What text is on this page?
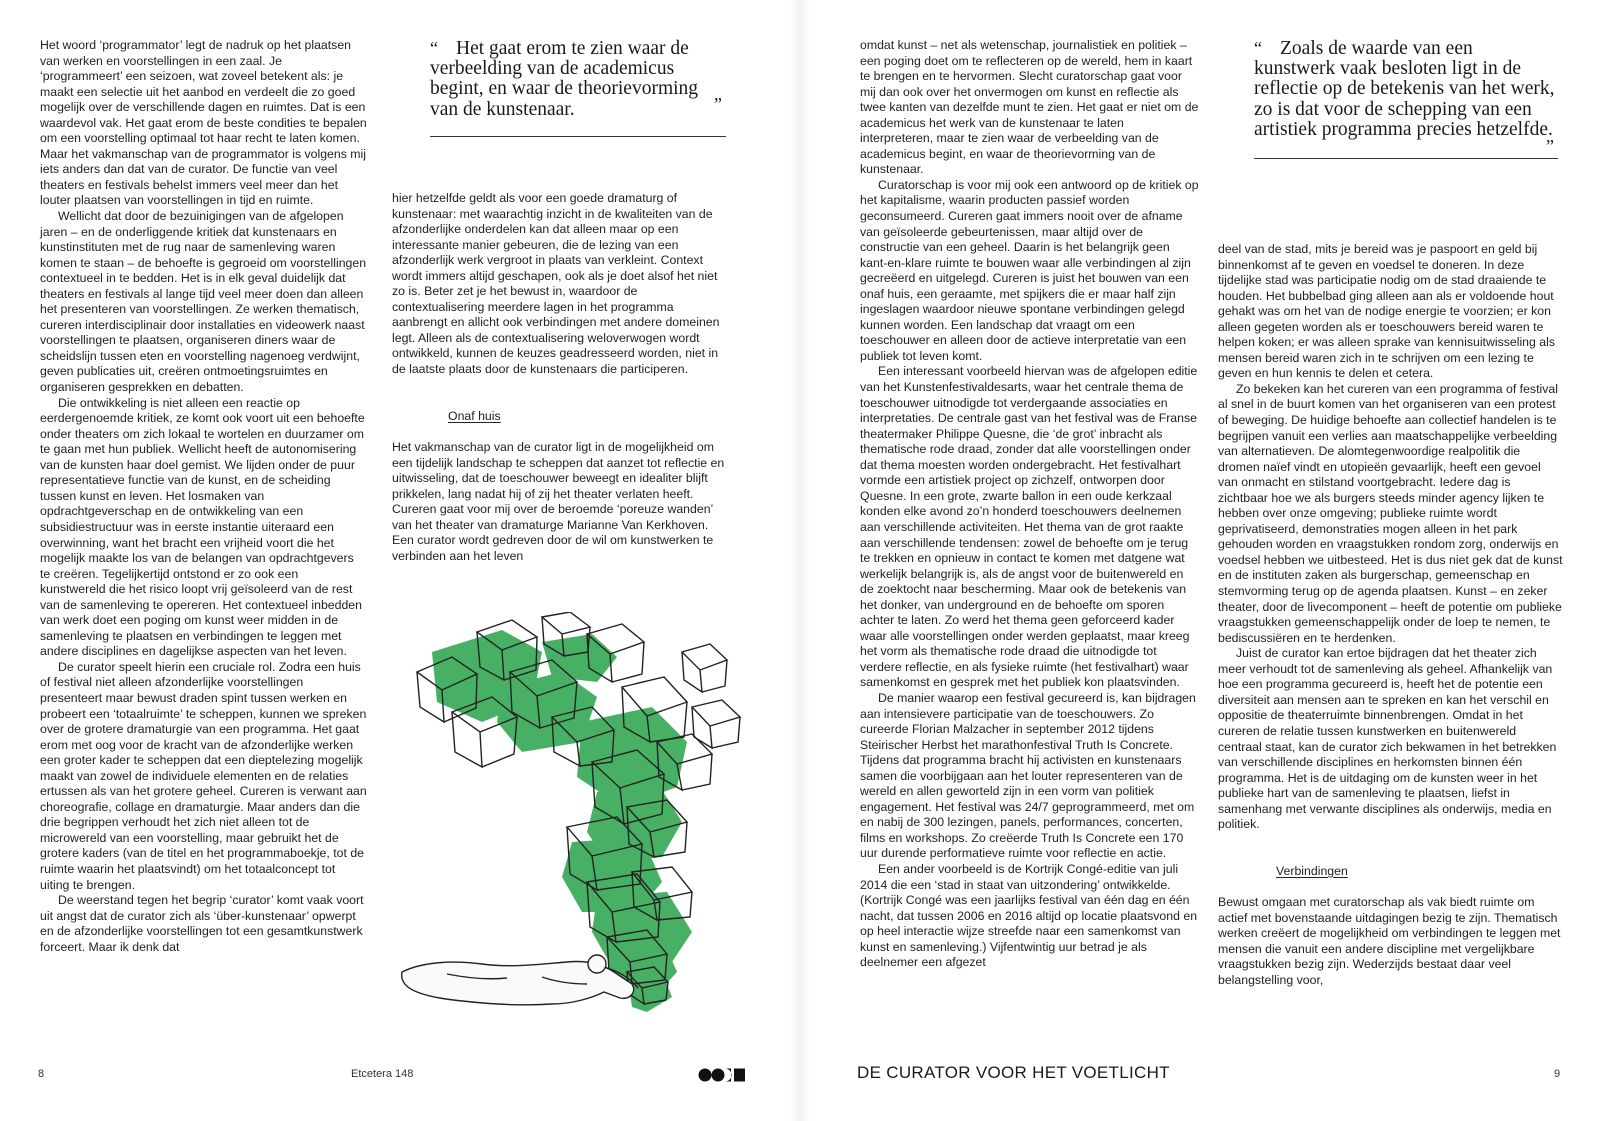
Het woord ‘programmator’ legt de nadruk op het plaatsen van werken en voorstellingen in een zaal. Je ‘programmeert’ een seizoen, wat zoveel betekent als: je maakt een selectie uit het aanbod en verdeelt die zo goed mogelijk over de verschillende dagen en ruimtes. Dat is een waardevol vak. Het gaat erom de beste condities te bepalen om een voorstelling optimaal tot haar recht te laten komen. Maar het vakmanschap van de programmator is volgens mij iets anders dan dat van de curator. De functie van veel theaters en festivals behelst immers veel meer dan het louter plaatsen van voorstellingen in tijd en ruimte.

Wellicht dat door de bezuinigingen van de afgelopen jaren – en de onderliggende kritiek dat kunstenaars en kunstinstituten met de rug naar de samenleving waren komen te staan – de behoefte is gegroeid om voorstellingen contextueel in te bedden. Het is in elk geval duidelijk dat theaters en festivals al lange tijd veel meer doen dan alleen het presenteren van voorstellingen. Ze werken thematisch, cureren interdisciplinair door installaties en videowerk naast voorstellingen te plaatsen, organiseren diners waar de scheidslijn tussen eten en voorstelling nagenoeg verdwijnt, geven publicaties uit, creëren ontmoetingsruimtes en organiseren gesprekken en debatten.

Die ontwikkeling is niet alleen een reactie op eerdergenoemde kritiek, ze komt ook voort uit een behoefte onder theaters om zich lokaal te wortelen en duurzamer om te gaan met hun publiek. Wellicht heeft de autonomisering van de kunsten haar doel gemist. We lijden onder de puur representatieve functie van de kunst, en de scheiding tussen kunst en leven. Het losmaken van opdrachtgeverschap en de ontwikkeling van een subsidiestructuur was in eerste instantie uiteraard een overwinning, want het bracht een vrijheid voort die het mogelijk maakte los van de belangen van opdrachtgevers te creëren. Tegelijkertijd ontstond er zo ook een kunstwereld die het risico loopt vrij geïsoleerd van de rest van de samenleving te opereren. Het contextueel inbedden van werk doet een poging om kunst weer midden in de samenleving te plaatsen en verbindingen te leggen met andere disciplines en dagelijkse aspecten van het leven.

De curator speelt hierin een cruciale rol. Zodra een huis of festival niet alleen afzonderlijke voorstellingen presenteert maar bewust draden spint tussen werken en probeert een ‘totaalruimte’ te scheppen, kunnen we spreken over de grotere dramaturgie van een programma. Het gaat erom met oog voor de kracht van de afzonderlijke werken een groter kader te scheppen dat een dieptelezing mogelijk maakt van zowel de individuele elementen en de relaties ertussen als van het grotere geheel. Cureren is verwant aan choreografie, collage en dramaturgie. Maar anders dan die drie begrippen verhoudt het zich niet alleen tot de microwereld van een voorstelling, maar gebruikt het de grotere kaders (van de titel en het programmaboekje, tot de ruimte waarin het plaatsvindt) om het totaalconcept tot uiting te brengen.

De weerstand tegen het begrip ‘curator’ komt vaak voort uit angst dat de curator zich als ‘über-kunstenaar’ opwerpt en de afzonderlijke voorstellingen tot een gesamtkunstwerk forceert. Maar ik denk dat

“ Het gaat erom te zien waar de verbeelding van de academicus begint, en waar de theorievorming van de kunstenaar.	”

hier hetzelfde geldt als voor een goede dramaturg of kunstenaar: met waarachtig inzicht in de kwaliteiten van de afzonderlijke onderdelen kan dat alleen maar op een interessante manier gebeuren, die de lezing van een afzonderlijk werk vergroot in plaats van verkleint. Context wordt immers altijd geschapen, ook als je doet alsof het niet zo is. Beter zet je het bewust in, waardoor de contextualisering meerdere lagen in het programma aanbrengt en allicht ook verbindingen met andere domeinen legt. Alleen als de contextualisering weloverwogen wordt ontwikkeld, kunnen de keuzes geadresseerd worden, niet in de laatste plaats door de kunstenaars die participeren.

Onaf huis

Het vakmanschap van de curator ligt in de mogelijkheid om een tijdelijk landschap te scheppen dat aanzet tot reflectie en uitwisseling, dat de toeschouwer beweegt en idealiter blijft prikkelen, lang nadat hij of zij het theater verlaten heeft. Cureren gaat voor mij over de beroemde ‘poreuze wanden’ van het theater van dramaturge Marianne Van Kerkhoven. Een curator wordt gedreven door de wil om kunstwerken te verbinden aan het leven

8	Etcetera 148

omdat kunst – net als wetenschap, journalistiek en politiek – een poging doet om te reflecteren op de wereld, hem in kaart te brengen en te hervormen. Slecht curatorschap gaat voor mij dan ook over het onvermogen om kunst en reflectie als twee kanten van dezelfde munt te zien. Het gaat er niet om de academicus het werk van de kunstenaar te laten interpreteren, maar te zien waar de verbeelding van de academicus begint, en waar de theorievorming van de kunstenaar.

Curatorschap is voor mij ook een antwoord op de kritiek op het kapitalisme, waarin producten passief worden geconsumeerd. Cureren gaat immers nooit over de afname van geïsoleerde gebeurtenissen, maar altijd over de constructie van een geheel. Daarin is het belangrijk geen kant-en-klare ruimte te bouwen waar alle verbindingen al zijn gecreëerd en uitgelegd. Cureren is juist het bouwen van een onaf huis, een geraamte, met spijkers die er maar half zijn ingeslagen waardoor nieuwe spontane verbindingen gelegd kunnen worden. Een landschap dat vraagt om een toeschouwer en alleen door de actieve interpretatie van een publiek tot leven komt.

Een interessant voorbeeld hiervan was de afgelopen editie van het Kunstenfestivaldesarts, waar het centrale thema de toeschouwer uitnodigde tot verdergaande associaties en interpretaties. De centrale gast van het festival was de Franse theatermaker Philippe Quesne, die ‘de grot’ inbracht als thematische rode draad, zonder dat alle voorstellingen onder dat thema moesten worden ondergebracht. Het festivalhart vormde een artistiek project op zichzelf, ontworpen door Quesne. In een grote, zwarte ballon in een oude kerkzaal konden elke avond zo’n honderd toeschouwers deelnemen aan verschillende activiteiten. Het thema van de grot raakte aan verschillende tendensen: zowel de behoefte om je terug te trekken en opnieuw in contact te komen met datgene wat werkelijk belangrijk is, als de angst voor de buitenwereld en de zoektocht naar bescherming. Maar ook de betekenis van het donker, van underground en de behoefte om sporen achter te laten. Zo werd het thema geen geforceerd kader waar alle voorstellingen onder werden geplaatst, maar kreeg het vorm als thematische rode draad die uitnodigde tot verdere reflectie, en als fysieke ruimte (het festivalhart) waar samenkomst en gesprek met het publiek kon plaatsvinden.

De manier waarop een festival gecureerd is, kan bijdragen aan intensievere participatie van de toeschouwers. Zo cureerde Florian Malzacher in september 2012 tijdens Steirischer Herbst het marathonfestival Truth Is Concrete. Tijdens dat programma bracht hij activisten en kunstenaars samen die voorbijgaan aan het louter representeren van de wereld en allen geworteld zijn in een vorm van politiek engagement. Het festival was 24/7 geprogrammeerd, met om en nabij de 300 lezingen, panels, performances, concerten, films en workshops. Zo creëerde Truth Is Concrete een 170 uur durende performatieve ruimte voor reflectie en actie.

Een ander voorbeeld is de Kortrijk Congé-editie van juli 2014 die een ‘stad in staat van uitzondering’ ontwikkelde. (Kortrijk Congé was een jaarlijks festival van één dag en één nacht, dat tussen 2006 en 2016 altijd op locatie plaatsvond en op heel interactie wijze streefde naar een samenkomst van kunst en samenleving.) Vijfentwintig uur betrad je als deelnemer een afgezet

“ Zoals de waarde van een kunstwerk vaak besloten ligt in de reflectie op de betekenis van het werk, zo is dat voor de schepping van een artistiek programma precies hetzelfde.
”

deel van de stad, mits je bereid was je paspoort en geld bij binnenkomst af te geven en voedsel te doneren. In deze tijdelijke stad was participatie nodig om de stad draaiende te houden. Het bubbelbad ging alleen aan als er voldoende hout gehakt was om het van de nodige energie te voorzien; er kon alleen gegeten worden als er toeschouwers bereid waren te helpen koken; er was alleen sprake van kennisuitwisseling als mensen bereid waren zich in te schrijven om een lezing te geven en hun kennis te delen et cetera.

Zo bekeken kan het cureren van een programma of festival al snel in de buurt komen van het organiseren van een protest of beweging. De huidige behoefte aan collectief handelen is te begrijpen vanuit een verlies aan maatschappelijke verbeelding van alternatieven. De alomtegenwoordige realpolitik die dromen naïef vindt en utopieën gevaarlijk, heeft een gevoel van onmacht en stilstand voortgebracht. Iedere dag is zichtbaar hoe we als burgers steeds minder agency lijken te hebben over onze omgeving; publieke ruimte wordt geprivatiseerd, demonstraties mogen alleen in het park gehouden worden en vraagstukken rondom zorg, onderwijs en voedsel hebben we uitbesteed. Het is dus niet gek dat de kunst en de instituten zaken als burgerschap, gemeenschap en stemvorming terug op de agenda plaatsen. Kunst – en zeker theater, door de livecomponent – heeft de potentie om publieke vraagstukken gemeenschappelijk onder de loep te nemen, te bediscussiëren en te herdenken.

Juist de curator kan ertoe bijdragen dat het theater zich meer verhoudt tot de samenleving als geheel. Afhankelijk van hoe een programma gecureerd is, heeft het de potentie een diversiteit aan mensen aan te spreken en kan het verschil en oppositie de theaterruimte binnenbrengen. Omdat in het cureren de relatie tussen kunstwerken en buitenwereld centraal staat, kan de curator zich bekwamen in het betrekken van verschillende disciplines en herkomsten binnen één programma. Het is de uitdaging om de kunsten weer in het publieke hart van de samenleving te plaatsen, liefst in samenhang met verwante disciplines als onderwijs, media en politiek.

Verbindingen

Bewust omgaan met curatorschap als vak biedt ruimte om actief met bovenstaande uitdagingen bezig te zijn. Thematisch werken creëert de mogelijkheid om verbindingen te leggen met mensen die vanuit een andere discipline met vergelijkbare vraagstukken bezig zijn. Wederzijds bestaat daar veel belangstelling voor,

DE CURATOR VOOR HET VOETLICHT	9
